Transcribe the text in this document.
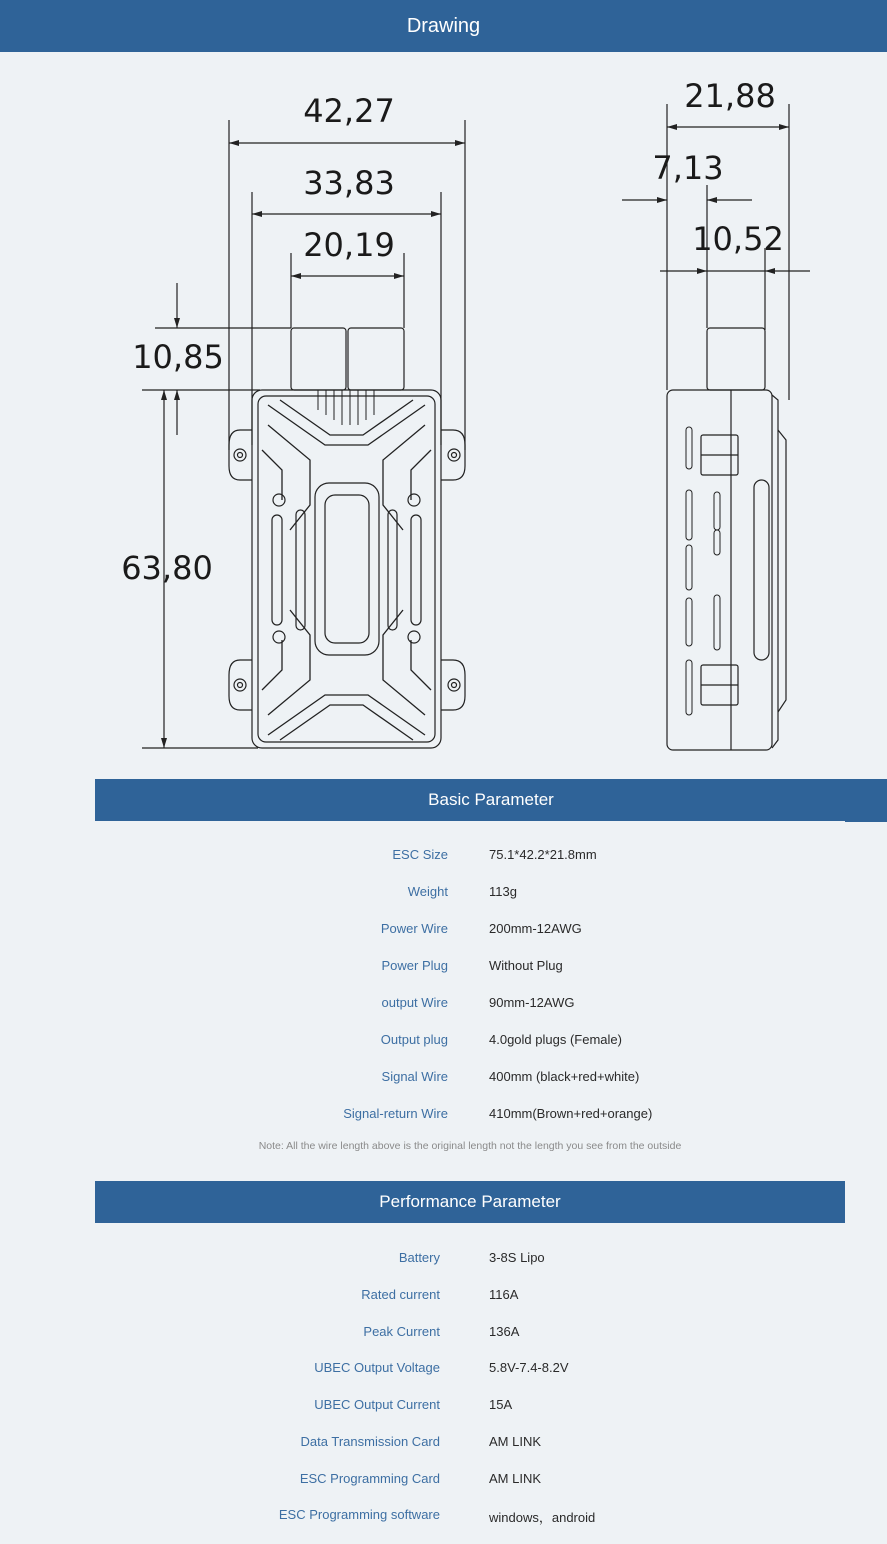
Drawing
42,27
33,83
20,19
10,85
63,80
21,88
7,13
10,52
Basic Parameter
ESC Size	75.1*42.2*21.8mm
Weight	113g
Power Wire	200mm-12AWG
Power Plug	Without Plug
output Wire	90mm-12AWG
Output plug	4.0gold plugs (Female)
Signal Wire	400mm (black+red+white)
Signal-return Wire	410mm(Brown+red+orange)
Note: All the wire length above is the original length not the length you see from the outside
Performance Parameter
Battery	3-8S Lipo
Rated current	116A
Peak Current	136A
UBEC Output Voltage	5.8V-7.4-8.2V
UBEC Output Current	15A
Data Transmission Card	AM LINK
ESC Programming Card	AM LINK
ESC Programming software	windows，android
